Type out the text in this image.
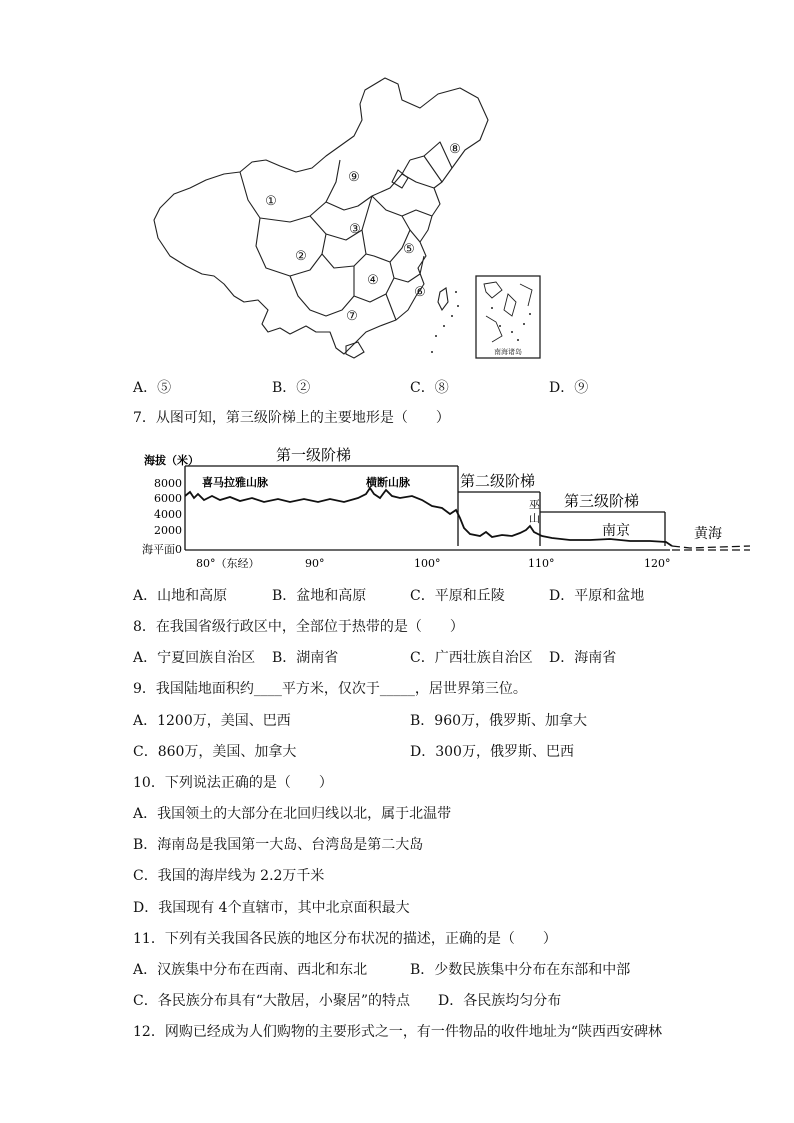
南海诸岛
①
②
③
④
⑤
⑥
⑦
⑧
⑨
A．⑤	B．②	C．⑧	D．⑨
7．从图可知，第三级阶梯上的主要地形是（　　）
海拔（米）
8000
6000
4000
2000
海平面0
第一级阶梯
第二级阶梯
第三级阶梯
喜马拉雅山脉	横断山脉
巫
山
南京	黄海
80°（东经）	90°	100°	110°	120°
A．山地和高原	B．盆地和高原	C．平原和丘陵	D．平原和盆地
8．在我国省级行政区中，全部位于热带的是（　　）
A．宁夏回族自治区 B．湖南省	C．广西壮族自治区 D．海南省
9．我国陆地面积约____平方米，仅次于_____，居世界第三位。
A．1200万，美国、巴西	B．960万，俄罗斯、加拿大
C．860万，美国、加拿大	D．300万，俄罗斯、巴西
10．下列说法正确的是（　　）
A．我国领土的大部分在北回归线以北，属于北温带
B．海南岛是我国第一大岛、台湾岛是第二大岛
C．我国的海岸线为 2.2万千米
D．我国现有 4个直辖市，其中北京面积最大
11．下列有关我国各民族的地区分布状况的描述，正确的是（　　）
A．汉族集中分布在西南、西北和东北	B．少数民族集中分布在东部和中部
C．各民族分布具有“大散居，小聚居”的特点 D．各民族均匀分布
12．网购已经成为人们购物的主要形式之一，有一件物品的收件地址为“陕西西安碑林
